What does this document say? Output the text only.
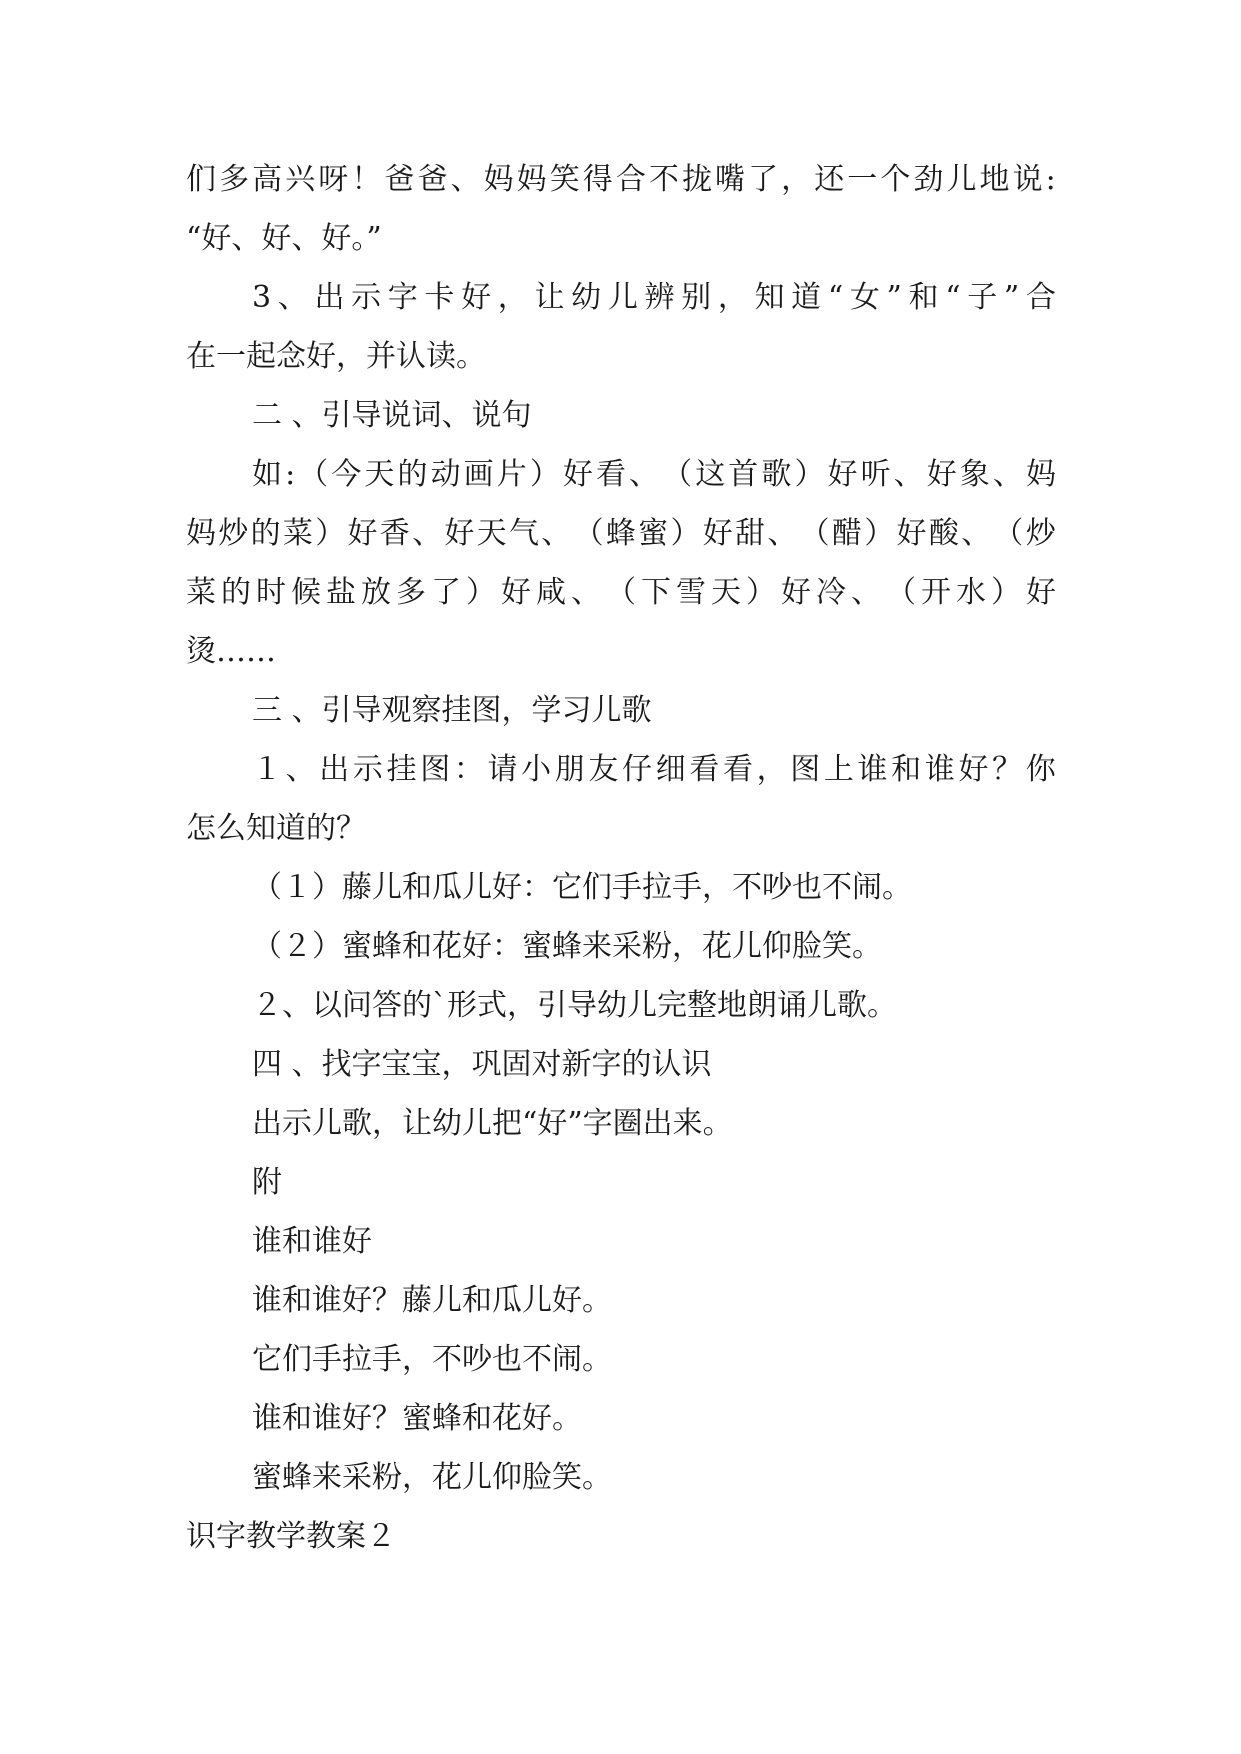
们 多 高 兴 呀 ！ 爸 爸 、 妈 妈 笑 得 合 不 拢 嘴 了 ， 还 一 个 劲 儿 地 说 :
“好、好、好。”
3 、 出 示 字 卡 好 ， 让 幼 儿 辨 别 ， 知 道 “ 女 ” 和 “ 子 ” 合
在一起念好，并认读。
二 、引导说词、说句
如 : （ 今 天 的 动 画 片 ） 好 看 、 （ 这 首 歌 ） 好 听 、 好 象 、 妈
妈 炒 的 菜 ） 好 香 、 好 天 气 、 （ 蜂 蜜 ） 好 甜 、 （ 醋 ） 好 酸 、 （ 炒
菜 的 时 候 盐 放 多 了 ） 好 咸 、 （ 下 雪 天 ） 好 冷 、 （ 开 水 ） 好
烫……
三 、引导观察挂图，学习儿歌
１ 、 出 示 挂 图 ： 请 小 朋 友 仔 细 看 看 ， 图 上 谁 和 谁 好 ？ 你
怎么知道的？
（１）藤儿和瓜儿好：它们手拉手，不吵也不闹。
（２）蜜蜂和花好：蜜蜂来采粉，花儿仰脸笑。
２、以问答的`形式，引导幼儿完整地朗诵儿歌。
四 、找字宝宝，巩固对新字的认识
出示儿歌，让幼儿把“好”字圈出来。
附
谁和谁好
谁和谁好？藤儿和瓜儿好。
它们手拉手，不吵也不闹。
谁和谁好？蜜蜂和花好。
蜜蜂来采粉，花儿仰脸笑。
识字教学教案２
